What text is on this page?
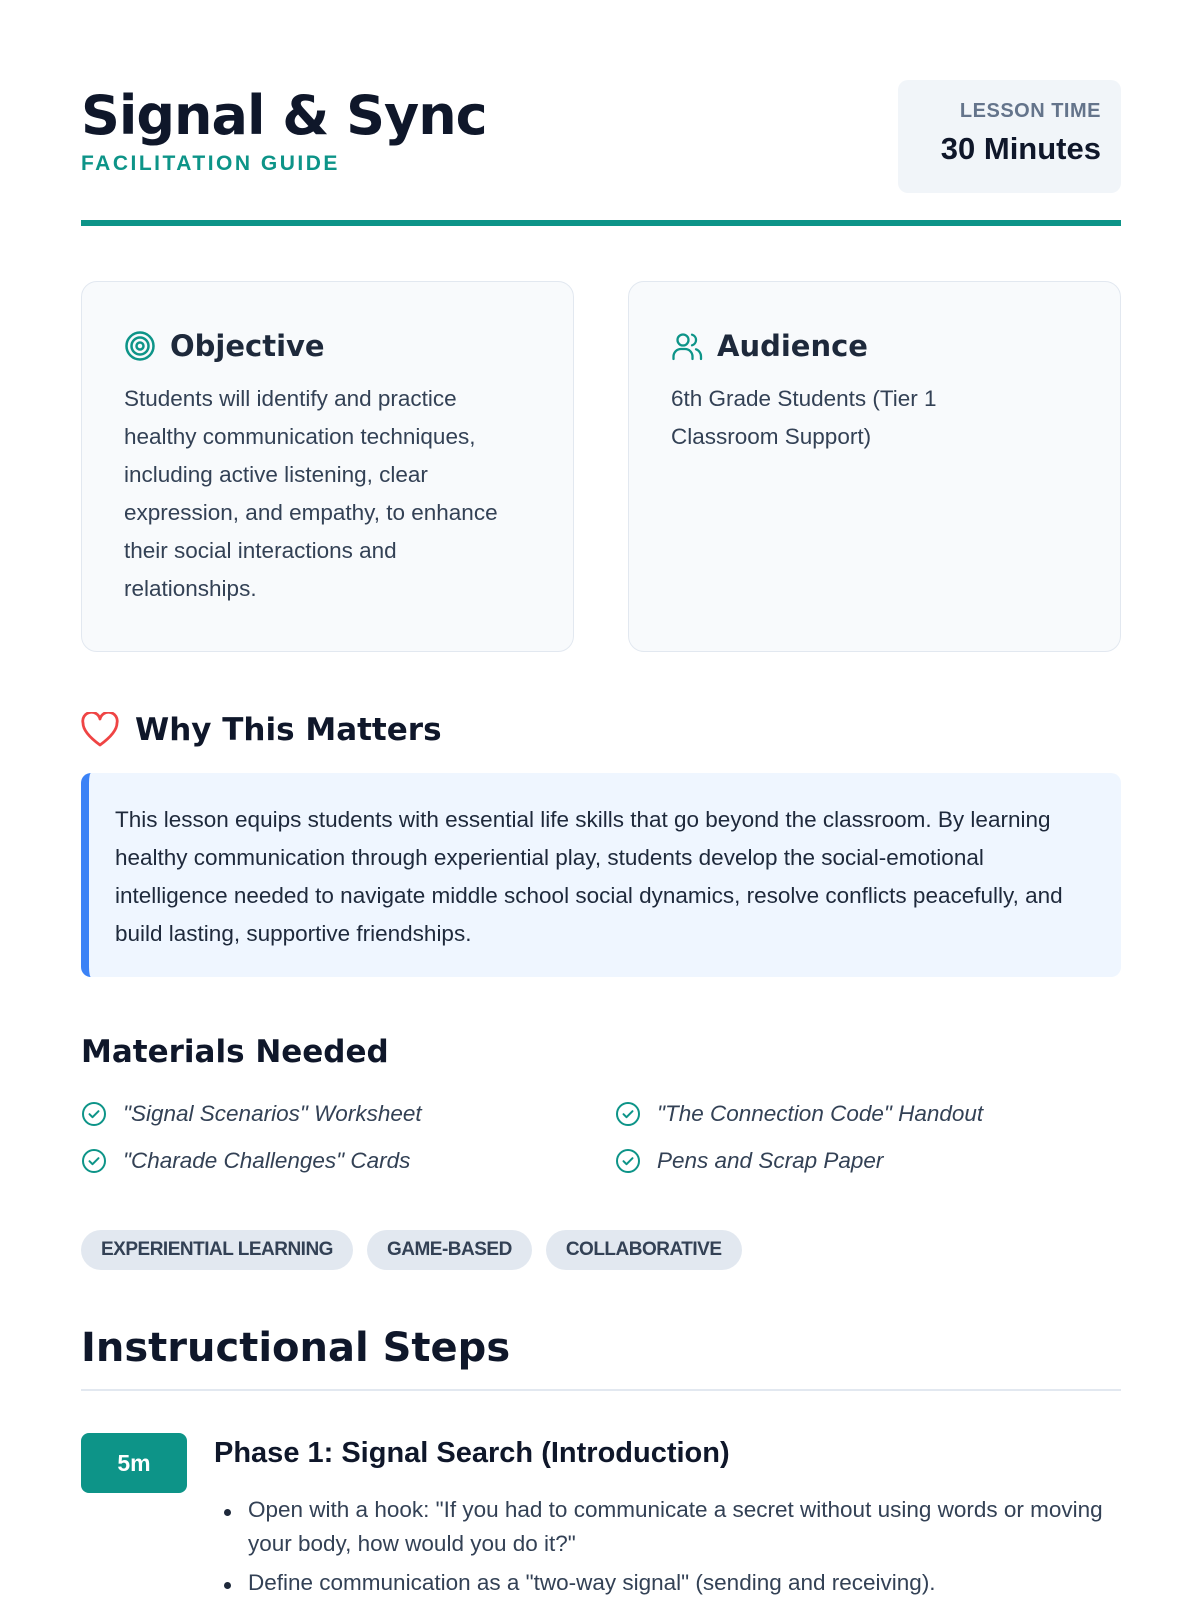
Signal & Sync
FACILITATION GUIDE
LESSON TIME
30 Minutes
Objective
Students will identify and practice healthy communication techniques, including active listening, clear expression, and empathy, to enhance their social interactions and relationships.
Audience
6th Grade Students (Tier 1 Classroom Support)
Why This Matters
This lesson equips students with essential life skills that go beyond the classroom. By learning healthy communication through experiential play, students develop the social-emotional intelligence needed to navigate middle school social dynamics, resolve conflicts peacefully, and build lasting, supportive friendships.
Materials Needed
"Signal Scenarios" Worksheet	"The Connection Code" Handout
"Charade Challenges" Cards	Pens and Scrap Paper
EXPERIENTIAL LEARNING	GAME-BASED	COLLABORATIVE
Instructional Steps
5m	Phase 1: Signal Search (Introduction)
Open with a hook: "If you had to communicate a secret without using words or moving your body, how would you do it?"
Define communication as a "two-way signal" (sending and receiving).
